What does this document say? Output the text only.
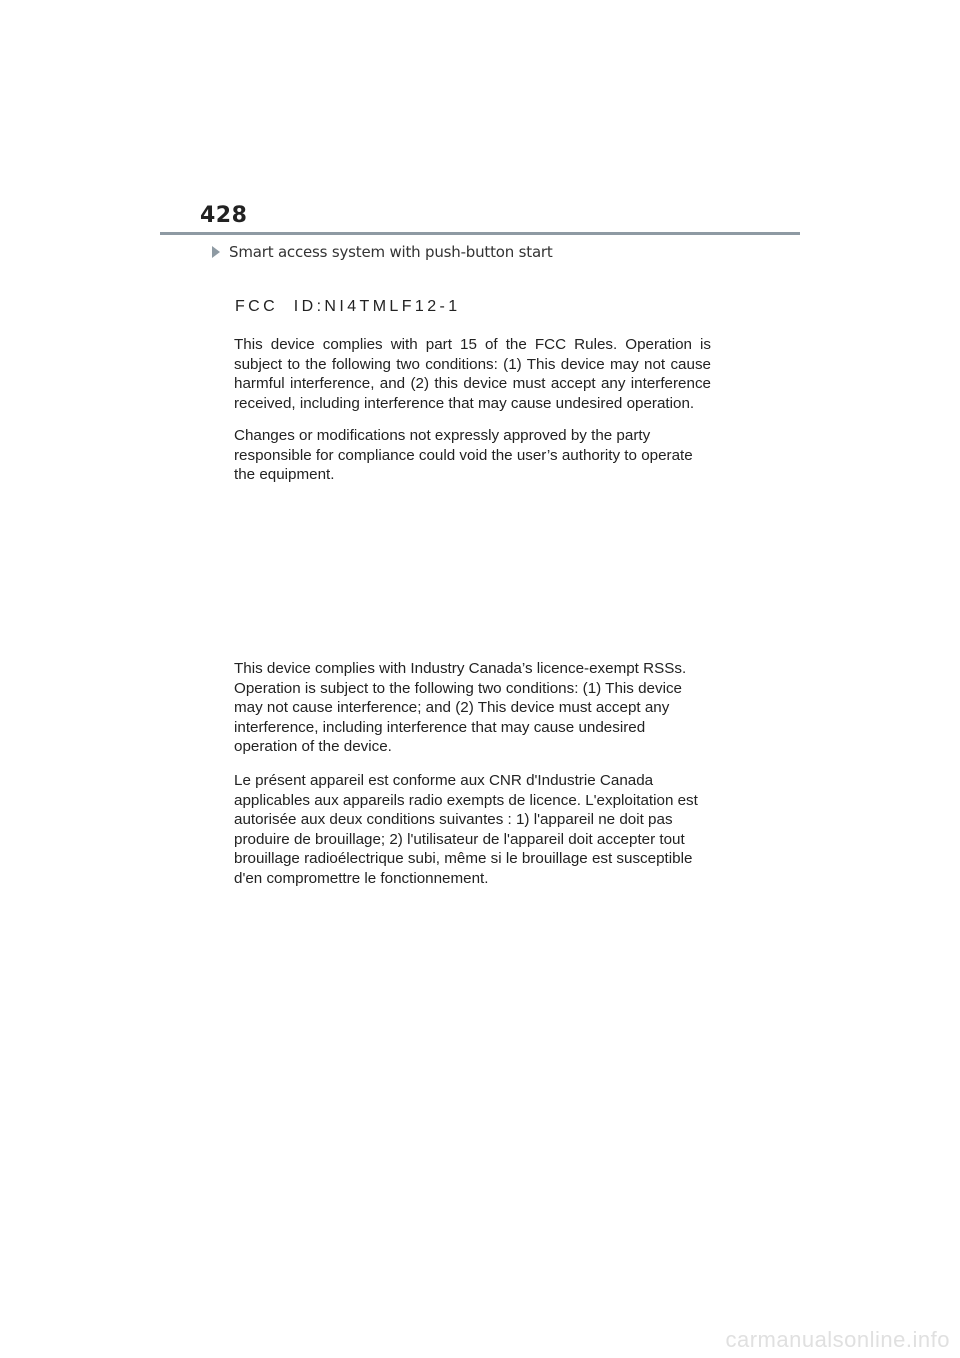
428
Smart access system with push-button start
FCC  ID:NI4TMLF12-1

This device complies with part 15 of the FCC Rules. Operation is subject to the following two conditions: (1) This device may not cause harmful interference, and (2) this device must accept any interference received, including interference that may cause undesired operation.

Changes or modifications not expressly approved by the party responsible for compliance could void the user’s authority to operate the equipment.

This device complies with Industry Canada’s licence-exempt RSSs. Operation is subject to the following two conditions: (1) This device may not cause interference; and (2) This device must accept any interference, including interference that may cause undesired operation of the device.

Le présent appareil est conforme aux CNR d'Industrie Canada applicables aux appareils radio exempts de licence. L'exploitation est autorisée aux deux conditions suivantes : 1) l'appareil ne doit pas produire de brouillage; 2) l'utilisateur de l'appareil doit accepter tout brouillage radioélectrique subi, même si le brouillage est susceptible d'en compromettre le fonctionnement.

carmanualsonline.info
